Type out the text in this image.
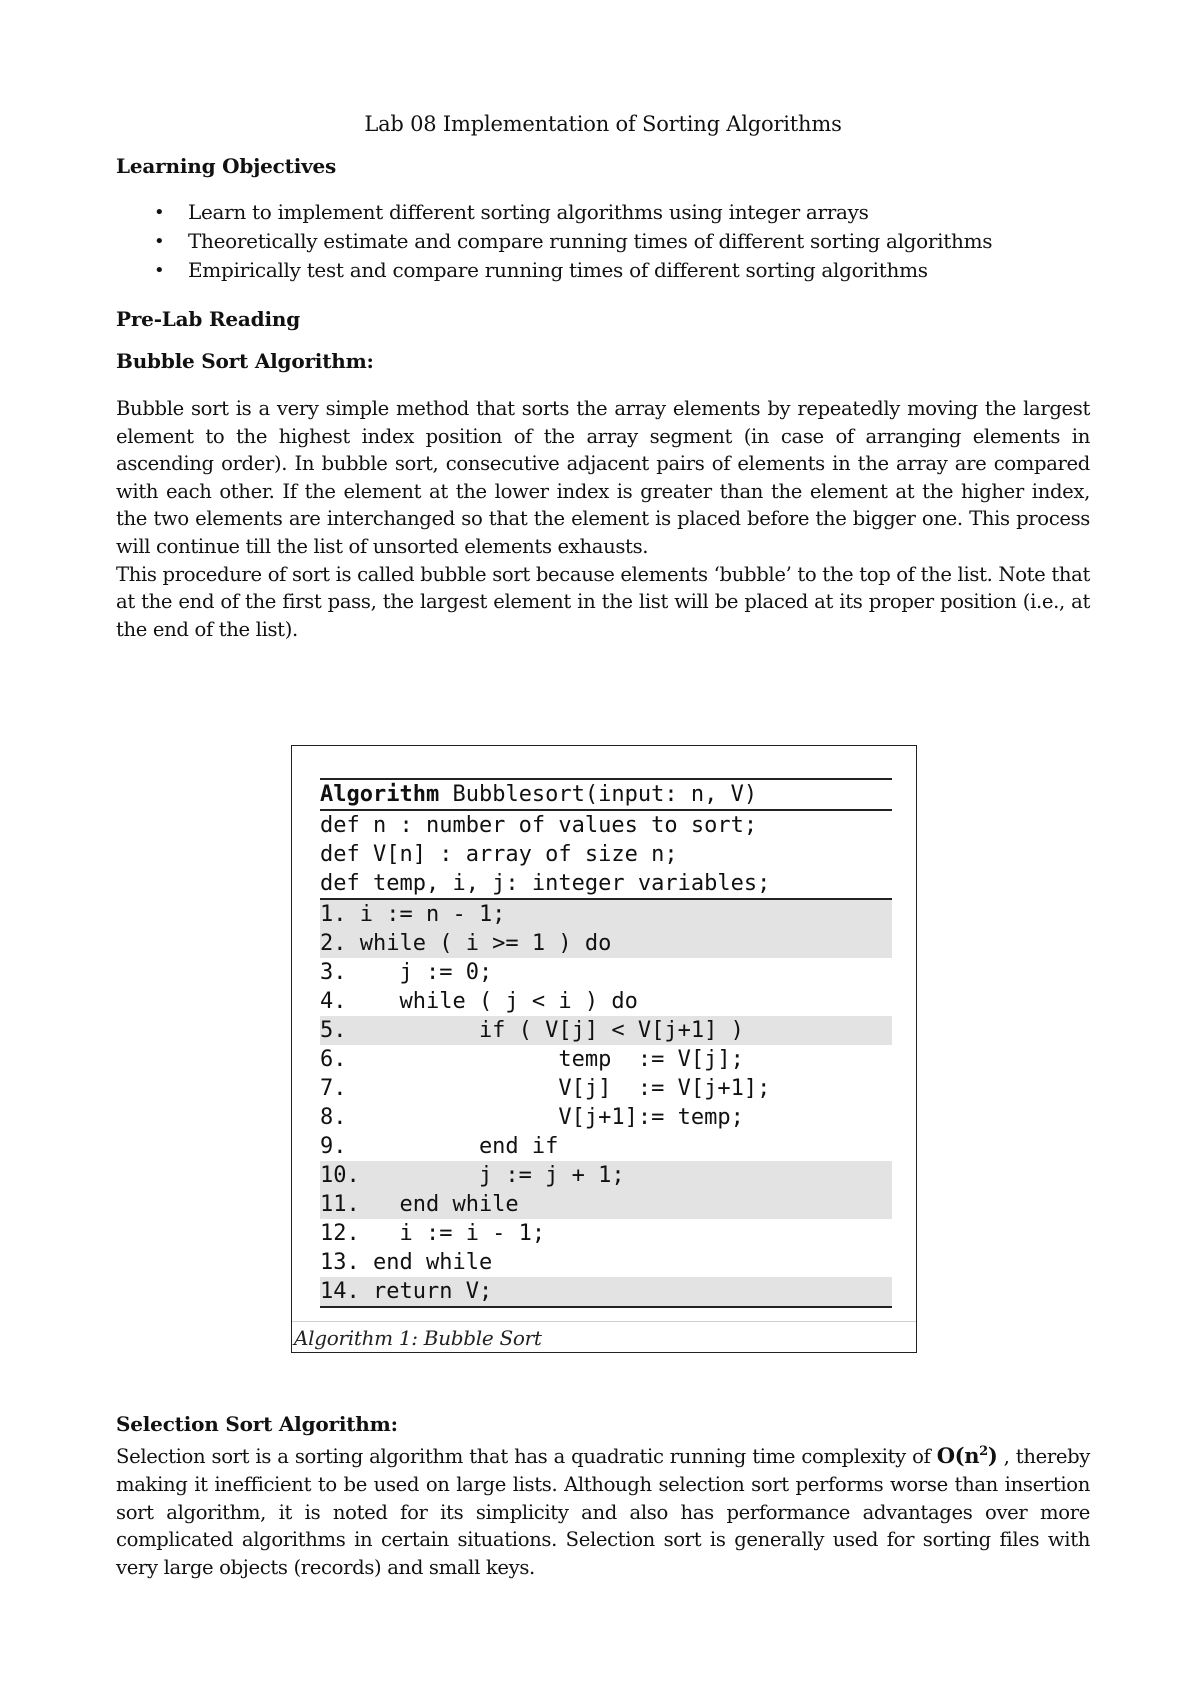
Lab 08 Implementation of Sorting Algorithms
Learning Objectives
• Learn to implement different sorting algorithms using integer arrays
• Theoretically estimate and compare running times of different sorting algorithms
• Empirically test and compare running times of different sorting algorithms
Pre-Lab Reading
Bubble Sort Algorithm:

Bubble sort is a very simple method that sorts the array elements by repeatedly moving the largest element to the highest index position of the array segment (in case of arranging elements in ascending order). In bubble sort, consecutive adjacent pairs of elements in the array are compared with each other. If the element at the lower index is greater than the element at the higher index, the two elements are interchanged so that the element is placed before the bigger one. This process will continue till the list of unsorted elements exhausts.

This procedure of sort is called bubble sort because elements ‘bubble’ to the top of the list. Note that at the end of the first pass, the largest element in the list will be placed at its proper position (i.e., at the end of the list).

Algorithm Bubblesort(input: n, V)
def n : number of values to sort;
def V[n] : array of size n;
def temp, i, j: integer variables;
1. i := n - 1;
2. while ( i >= 1 ) do
3.    j := 0;
4.    while ( j < i ) do
5.          if ( V[j] < V[j+1] )
6.                temp  := V[j];
7.                V[j]  := V[j+1];
8.                V[j+1]:= temp;
9.          end if
10.         j := j + 1;
11.   end while
12.   i := i - 1;
13. end while
14. return V;
Algorithm 1: Bubble Sort
Selection Sort Algorithm:

Selection sort is a sorting algorithm that has a quadratic running time complexity of $O(n^2)$ , thereby making it inefficient to be used on large lists. Although selection sort performs worse than insertion sort algorithm, it is noted for its simplicity and also has performance advantages over more complicated algorithms in certain situations. Selection sort is generally used for sorting files with very large objects (records) and small keys.
